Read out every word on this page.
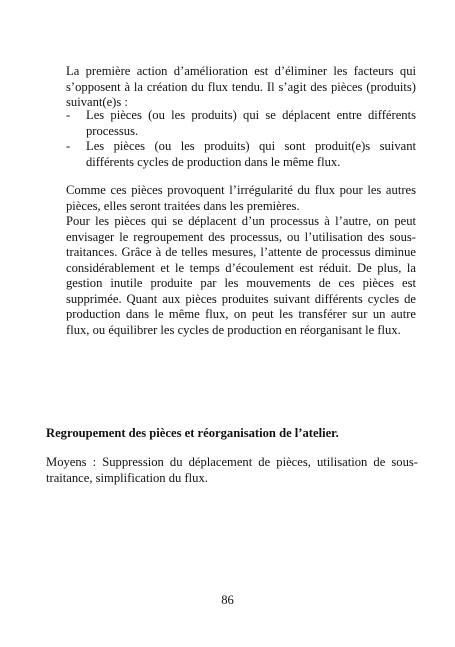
La première action d’amélioration est d’éliminer les facteurs qui s’opposent à la création du flux tendu. Il s’agit des pièces (produits) suivant(e)s :

- Les pièces (ou les produits) qui se déplacent entre différents processus.
- Les pièces (ou les produits) qui sont produit(e)s suivant différents cycles de production dans le même flux.

Comme ces pièces provoquent l’irrégularité du flux pour les autres pièces, elles seront traitées dans les premières.

Pour les pièces qui se déplacent d’un processus à l’autre, on peut envisager le regroupement des processus, ou l’utilisation des sous-traitances. Grâce à de telles mesures, l’attente de processus diminue considérablement et le temps d’écoulement est réduit. De plus, la gestion inutile produite par les mouvements de ces pièces est supprimée. Quant aux pièces produites suivant différents cycles de production dans le même flux, on peut les transférer sur un autre flux, ou équilibrer les cycles de production en réorganisant le flux.

Regroupement des pièces et réorganisation de l’atelier.

Moyens : Suppression du déplacement de pièces, utilisation de sous-traitance, simplification du flux.

86
